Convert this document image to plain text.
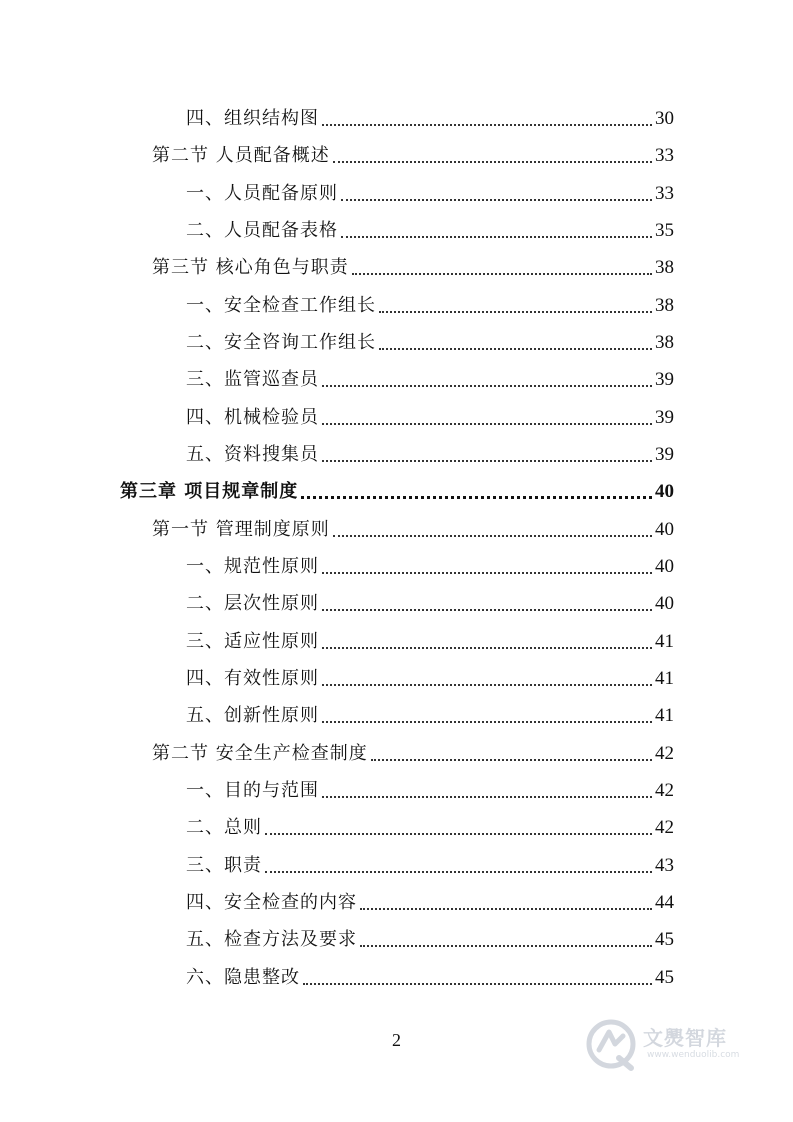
四、组织结构图	30
第二节 人员配备概述	33
一、人员配备原则	33
二、人员配备表格	35
第三节 核心角色与职责	38
一、安全检查工作组长	38
二、安全咨询工作组长	38
三、监管巡查员	39
四、机械检验员	39
五、资料搜集员	39
第三章 项目规章制度	40
第一节 管理制度原则	40
一、规范性原则	40
二、层次性原则	40
三、适应性原则	41
四、有效性原则	41
五、创新性原则	41
第二节 安全生产检查制度	42
一、目的与范围	42
二、总则	42
三、职责	43
四、安全检查的内容	44
五、检查方法及要求	45
六、隐患整改	45
2	文爂智库
www.wenduolib.com
